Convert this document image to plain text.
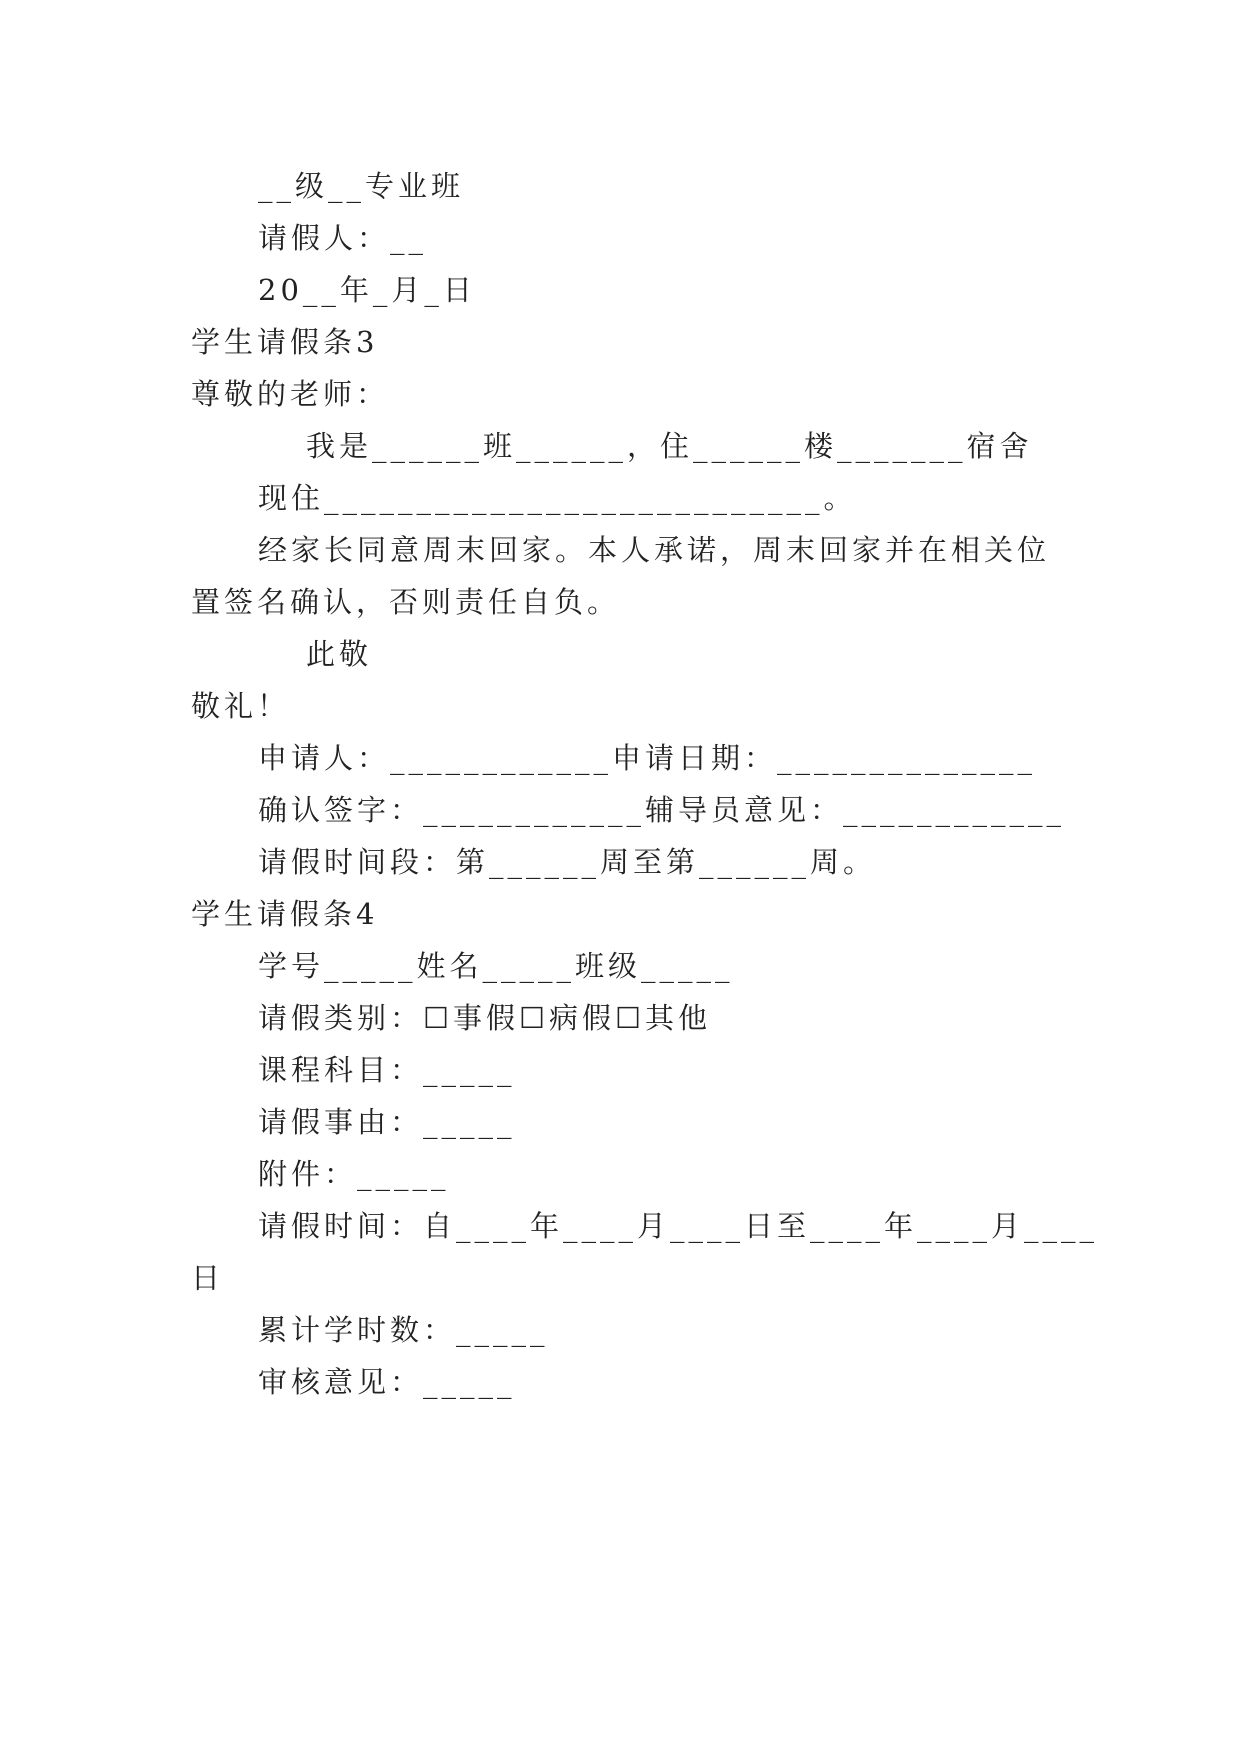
__级__专业班
请假人：__
20__年_月_日
学生请假条3
尊敬的老师：
我是______班______，住______楼_______宿舍
现住___________________________。
经家长同意周末回家。本人承诺，周末回家并在相关位
置签名确认，否则责任自负。
此敬
敬礼！
申请人：____________申请日期：______________
确认签字：____________辅导员意见：____________
请假时间段：第______周至第______周。
学生请假条4
学号_____姓名_____班级_____
请假类别：☐事假☐病假☐其他
课程科目：_____
请假事由：_____
附件：_____
请假时间：自____年____月____日至____年____月____
日
累计学时数：_____
审核意见：_____
